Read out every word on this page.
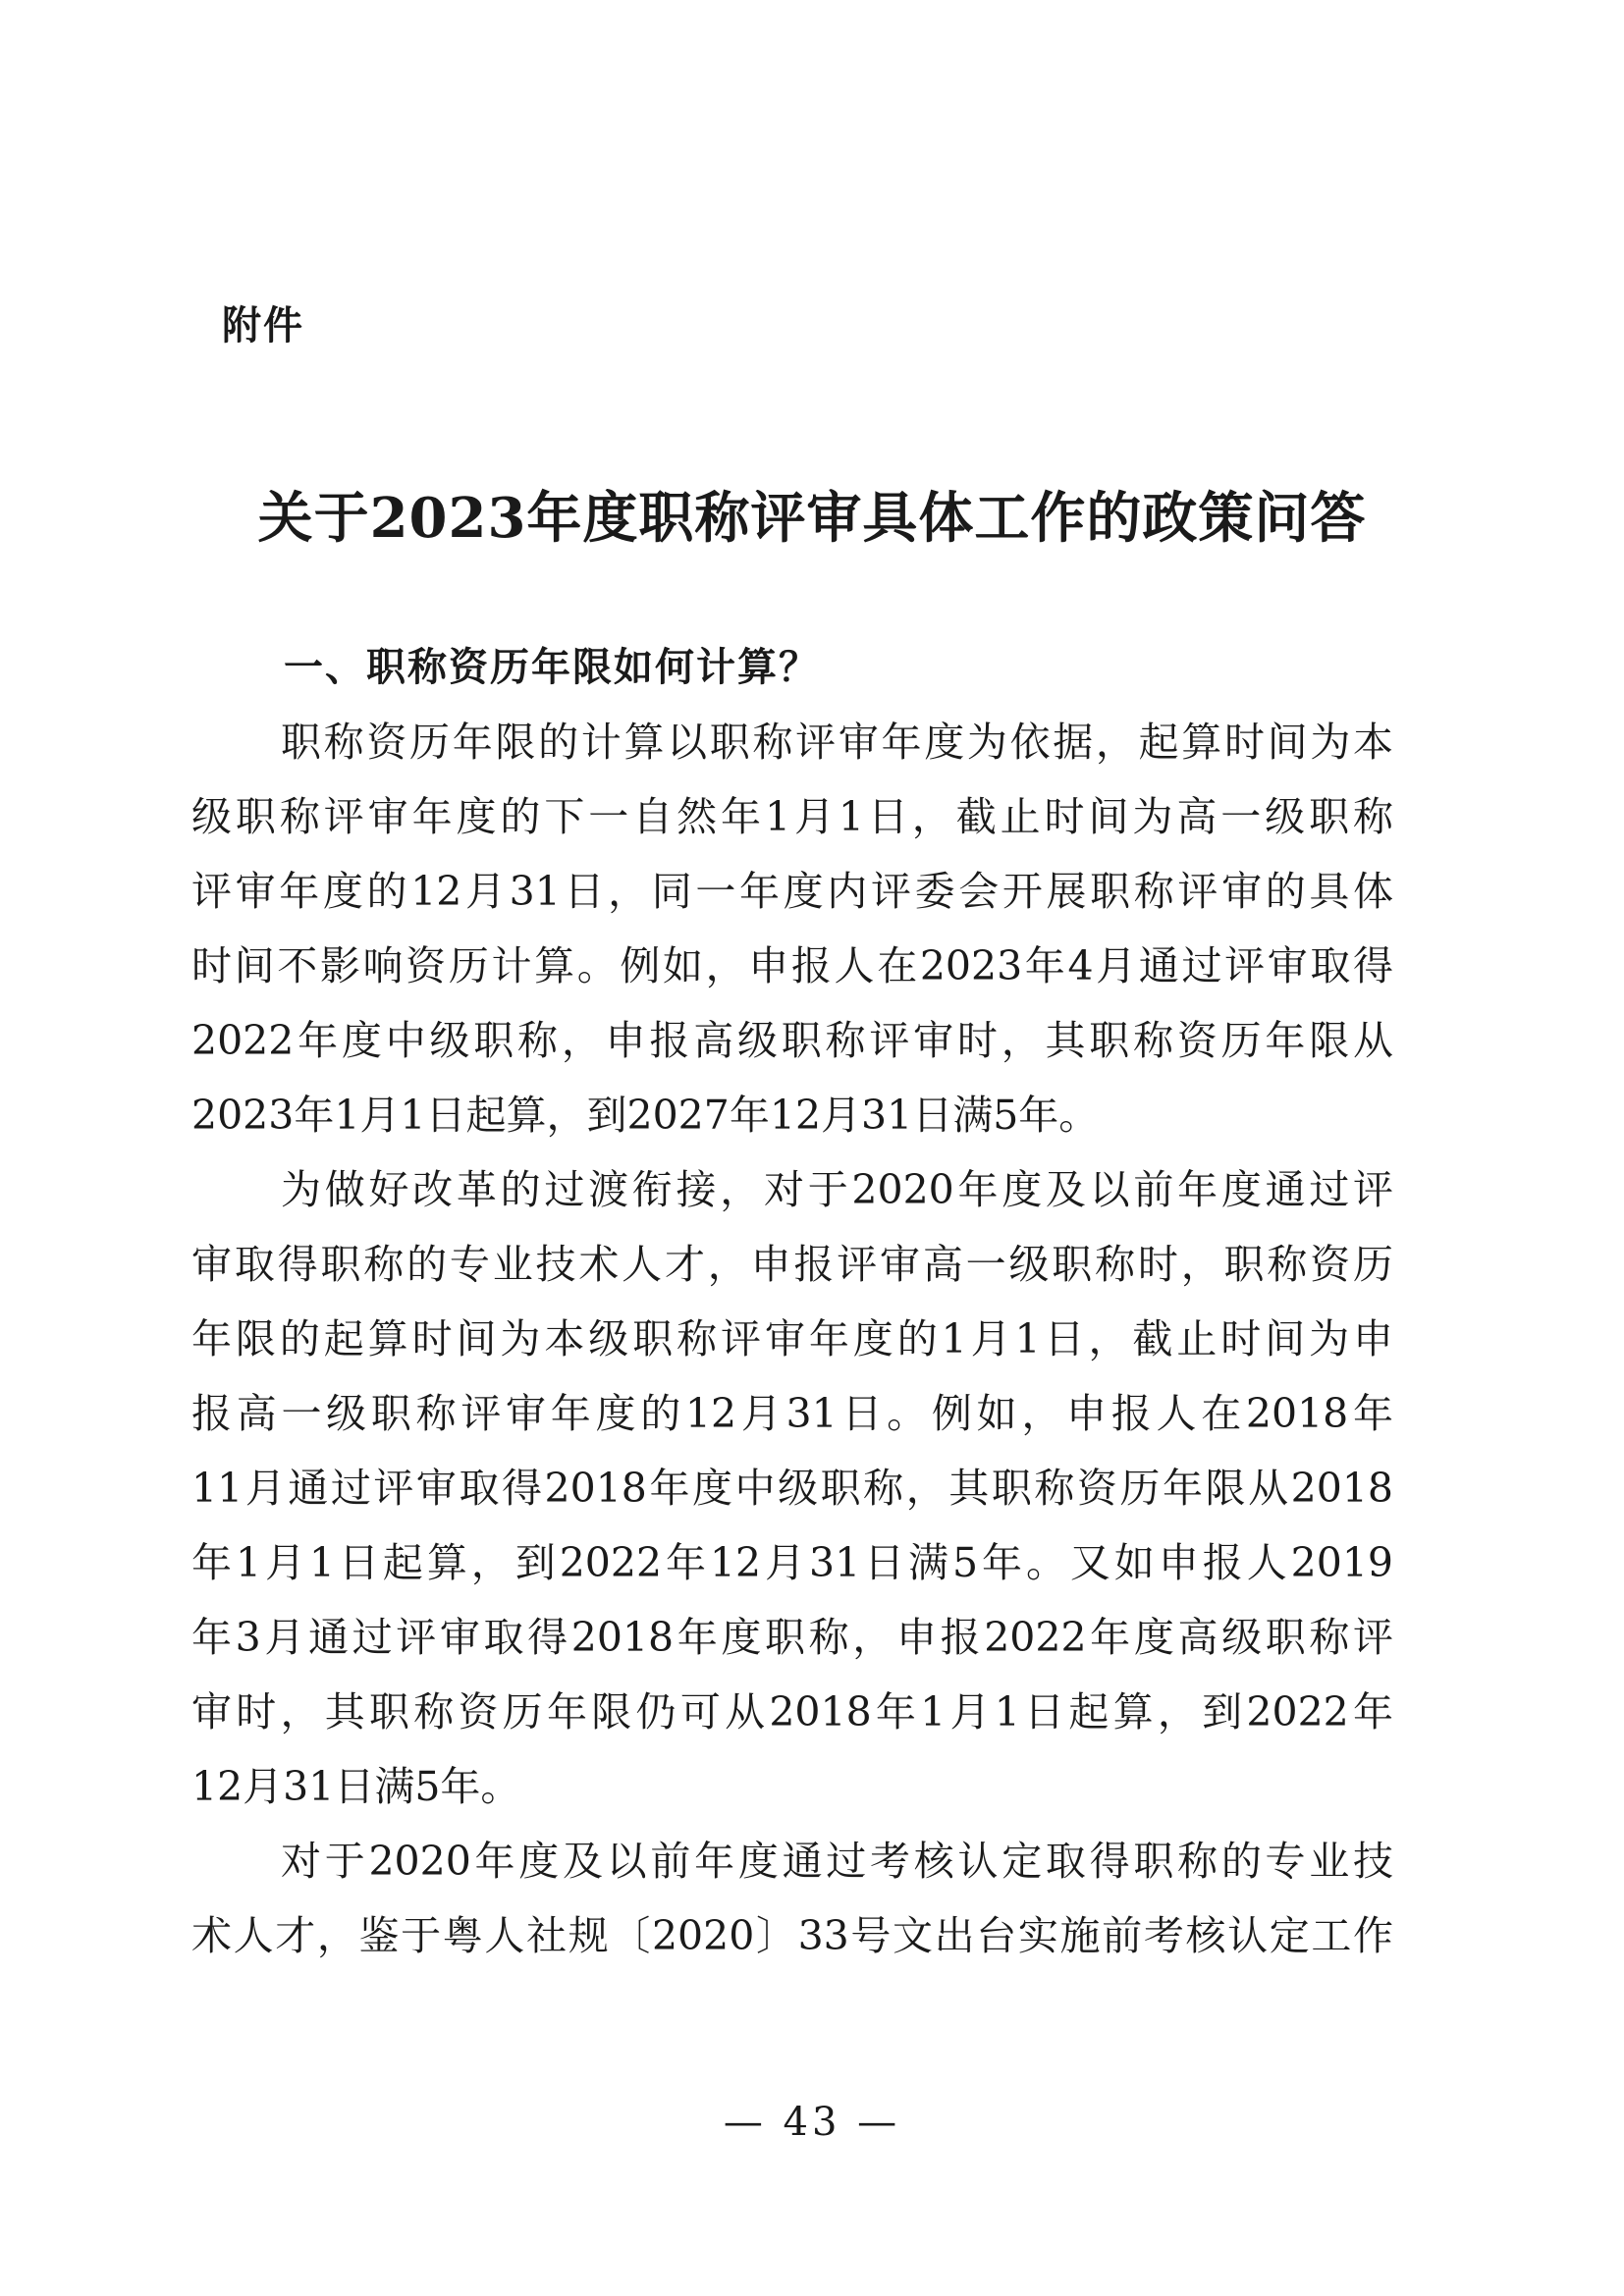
附件
关于2023年度职称评审具体工作的政策问答
一、职称资历年限如何计算？
职称资历年限的计算以职称评审年度为依据，起算时间为本
级职称评审年度的下一自然年1月1日，截止时间为高一级职称
评审年度的12月31日，同一年度内评委会开展职称评审的具体
时间不影响资历计算。例如，申报人在2023年4月通过评审取得
2022年度中级职称，申报高级职称评审时，其职称资历年限从
2023年1月1日起算，到2027年12月31日满5年。
为做好改革的过渡衔接，对于2020年度及以前年度通过评
审取得职称的专业技术人才，申报评审高一级职称时，职称资历
年限的起算时间为本级职称评审年度的1月1日，截止时间为申
报高一级职称评审年度的12月31日。例如，申报人在2018年
11月通过评审取得2018年度中级职称，其职称资历年限从2018
年1月1日起算，到2022年12月31日满5年。又如申报人2019
年3月通过评审取得2018年度职称，申报2022年度高级职称评
审时，其职称资历年限仍可从2018年1月1日起算，到2022年
12月31日满5年。
对于2020年度及以前年度通过考核认定取得职称的专业技
术人才，鉴于粤人社规〔2020〕33号文出台实施前考核认定工作
— 43 —
